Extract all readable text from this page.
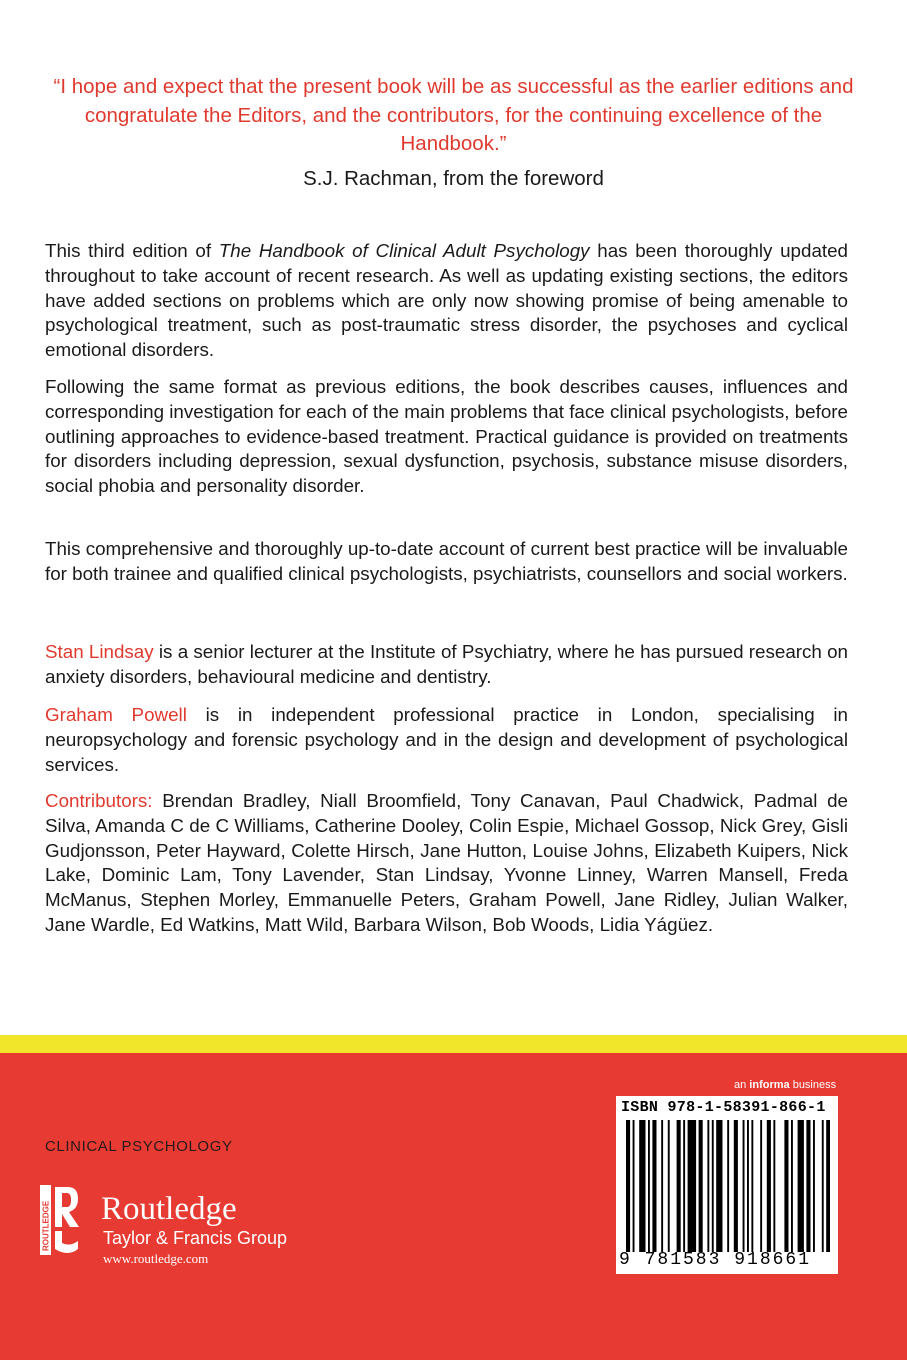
“I hope and expect that the present book will be as successful as the earlier editions and congratulate the Editors, and the contributors, for the continuing excellence of the Handbook.”
S.J. Rachman, from the foreword

This third edition of The Handbook of Clinical Adult Psychology has been thoroughly updated throughout to take account of recent research. As well as updating existing sections, the editors have added sections on problems which are only now showing promise of being amenable to psychological treatment, such as post-traumatic stress disorder, the psychoses and cyclical emotional disorders.

Following the same format as previous editions, the book describes causes, influences and corresponding investigation for each of the main problems that face clinical psychologists, before outlining approaches to evidence-based treatment. Practical guidance is provided on treatments for disorders including depression, sexual dysfunction, psychosis, substance misuse disorders, social phobia and personality disorder.

This comprehensive and thoroughly up-to-date account of current best practice will be invaluable for both trainee and qualified clinical psychologists, psychiatrists, counsellors and social workers.

Stan Lindsay is a senior lecturer at the Institute of Psychiatry, where he has pursued research on anxiety disorders, behavioural medicine and dentistry.

Graham Powell is in independent professional practice in London, specialising in neuropsychology and forensic psychology and in the design and development of psychological services.

Contributors: Brendan Bradley, Niall Broomfield, Tony Canavan, Paul Chadwick, Padmal de Silva, Amanda C de C Williams, Catherine Dooley, Colin Espie, Michael Gossop, Nick Grey, Gisli Gudjonsson, Peter Hayward, Colette Hirsch, Jane Hutton, Louise Johns, Elizabeth Kuipers, Nick Lake, Dominic Lam, Tony Lavender, Stan Lindsay, Yvonne Linney, Warren Mansell, Freda McManus, Stephen Morley, Emmanuelle Peters, Graham Powell, Jane Ridley, Julian Walker, Jane Wardle, Ed Watkins, Matt Wild, Barbara Wilson, Bob Woods, Lidia Yágüez.

CLINICAL PSYCHOLOGY
ROUTLEDGE Routledge
Taylor & Francis Group
www.routledge.com
an informa business
ISBN 978-1-58391-866-1
9 781583 918661
